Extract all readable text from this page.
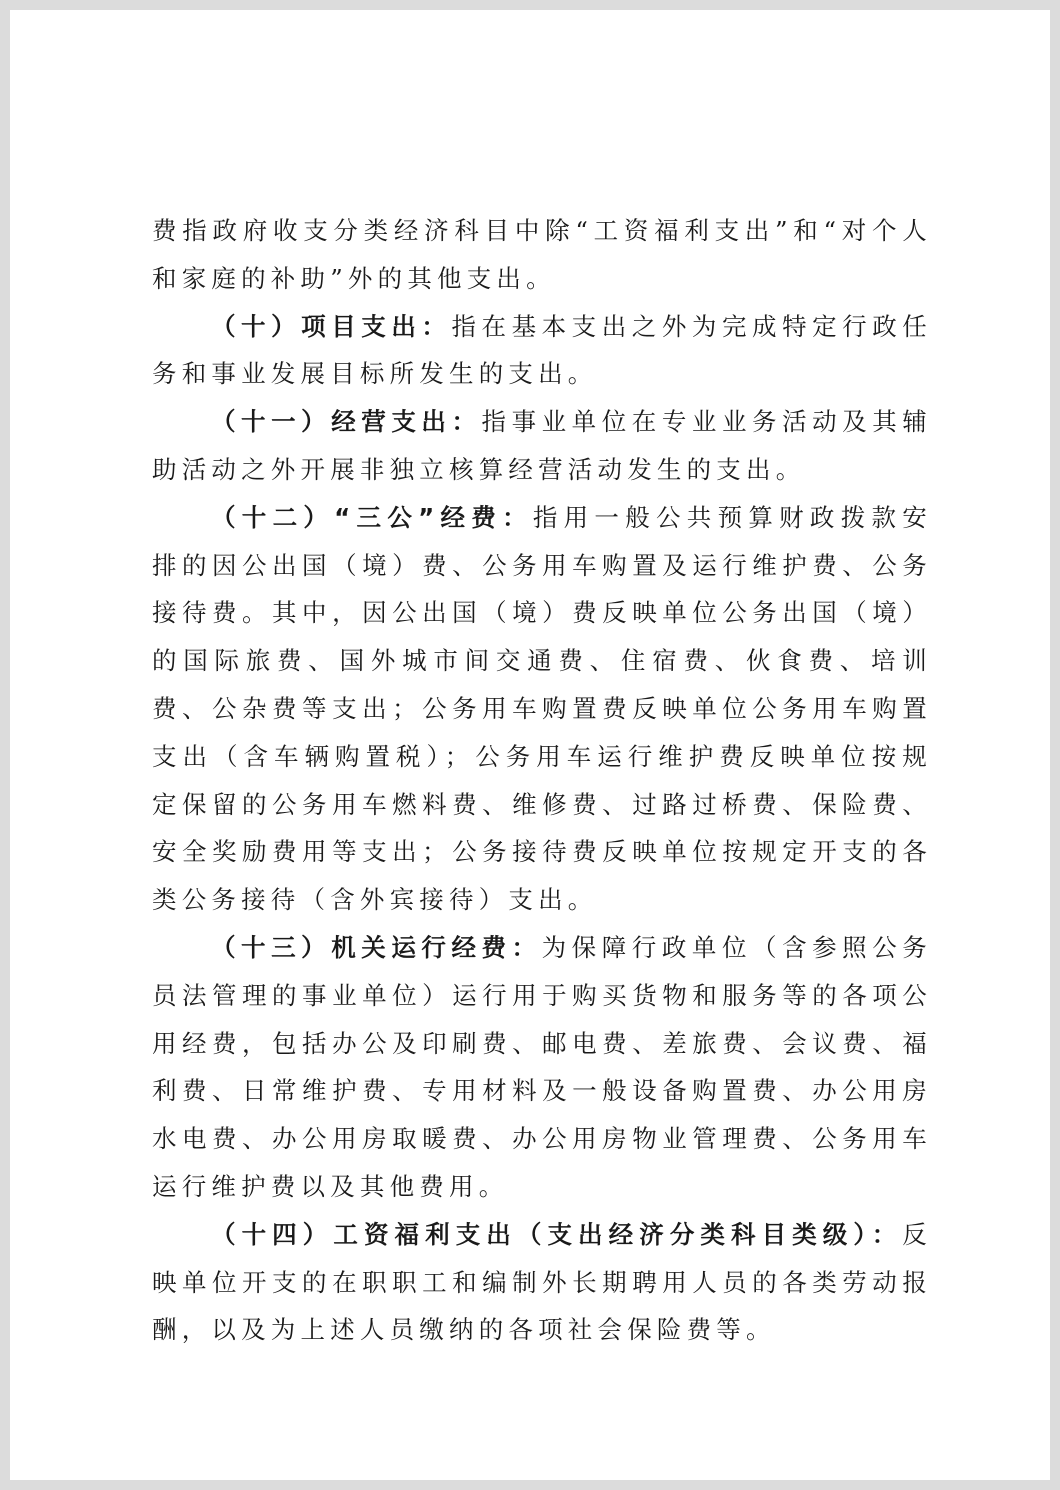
费指政府收支分类经济科目中除“工资福利支出”和“对个人和家庭的补助”外的其他支出。

（十）项目支出：指在基本支出之外为完成特定行政任务和事业发展目标所发生的支出。

（十一）经营支出：指事业单位在专业业务活动及其辅助活动之外开展非独立核算经营活动发生的支出。

（十二）“三公”经费：指用一般公共预算财政拨款安排的因公出国（境）费、公务用车购置及运行维护费、公务接待费。其中，因公出国（境）费反映单位公务出国（境）的国际旅费、国外城市间交通费、住宿费、伙食费、培训费、公杂费等支出；公务用车购置费反映单位公务用车购置支出（含车辆购置税）；公务用车运行维护费反映单位按规定保留的公务用车燃料费、维修费、过路过桥费、保险费、安全奖励费用等支出；公务接待费反映单位按规定开支的各类公务接待（含外宾接待）支出。

（十三）机关运行经费：为保障行政单位（含参照公务员法管理的事业单位）运行用于购买货物和服务等的各项公用经费，包括办公及印刷费、邮电费、差旅费、会议费、福利费、日常维护费、专用材料及一般设备购置费、办公用房水电费、办公用房取暖费、办公用房物业管理费、公务用车运行维护费以及其他费用。

（十四）工资福利支出（支出经济分类科目类级）：反映单位开支的在职职工和编制外长期聘用人员的各类劳动报酬，以及为上述人员缴纳的各项社会保险费等。
